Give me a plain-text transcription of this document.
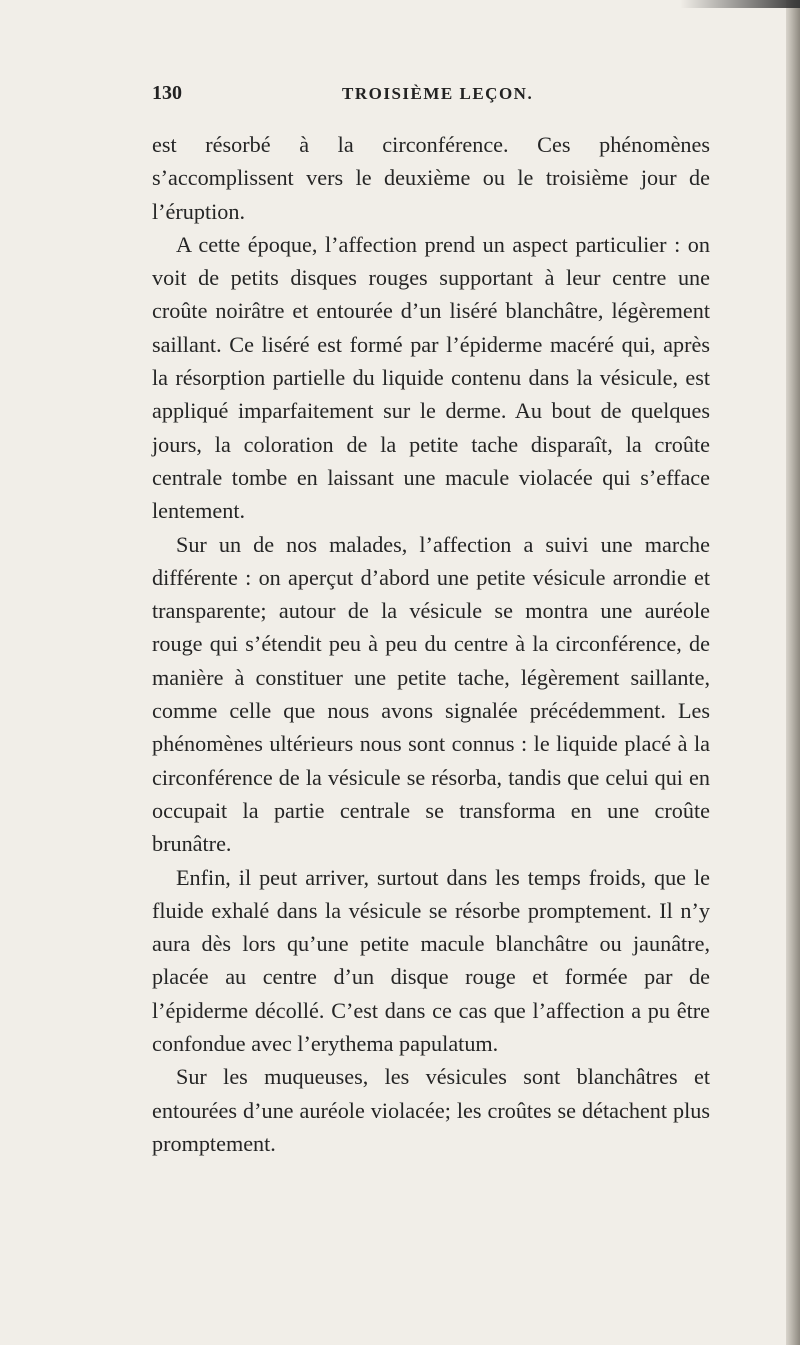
130	TROISIÈME LEÇON.

est résorbé à la circonférence. Ces phénomènes s’accomplissent vers le deuxième ou le troisième jour de l’éruption.

A cette époque, l’affection prend un aspect particulier : on voit de petits disques rouges supportant à leur centre une croûte noirâtre et entourée d’un liséré blanchâtre, légèrement saillant. Ce liséré est formé par l’épiderme macéré qui, après la résorption partielle du liquide contenu dans la vésicule, est appliqué imparfaitement sur le derme. Au bout de quelques jours, la coloration de la petite tache disparaît, la croûte centrale tombe en laissant une macule violacée qui s’efface lentement.

Sur un de nos malades, l’affection a suivi une marche différente : on aperçut d’abord une petite vésicule arrondie et transparente; autour de la vésicule se montra une auréole rouge qui s’étendit peu à peu du centre à la circonférence, de manière à constituer une petite tache, légèrement saillante, comme celle que nous avons signalée précédemment. Les phénomènes ultérieurs nous sont connus : le liquide placé à la circonférence de la vésicule se résorba, tandis que celui qui en occupait la partie centrale se transforma en une croûte brunâtre.

Enfin, il peut arriver, surtout dans les temps froids, que le fluide exhalé dans la vésicule se résorbe promptement. Il n’y aura dès lors qu’une petite macule blanchâtre ou jaunâtre, placée au centre d’un disque rouge et formée par de l’épiderme décollé. C’est dans ce cas que l’affection a pu être confondue avec l’erythema papulatum.

Sur les muqueuses, les vésicules sont blanchâtres et entourées d’une auréole violacée; les croûtes se détachent plus promptement.
